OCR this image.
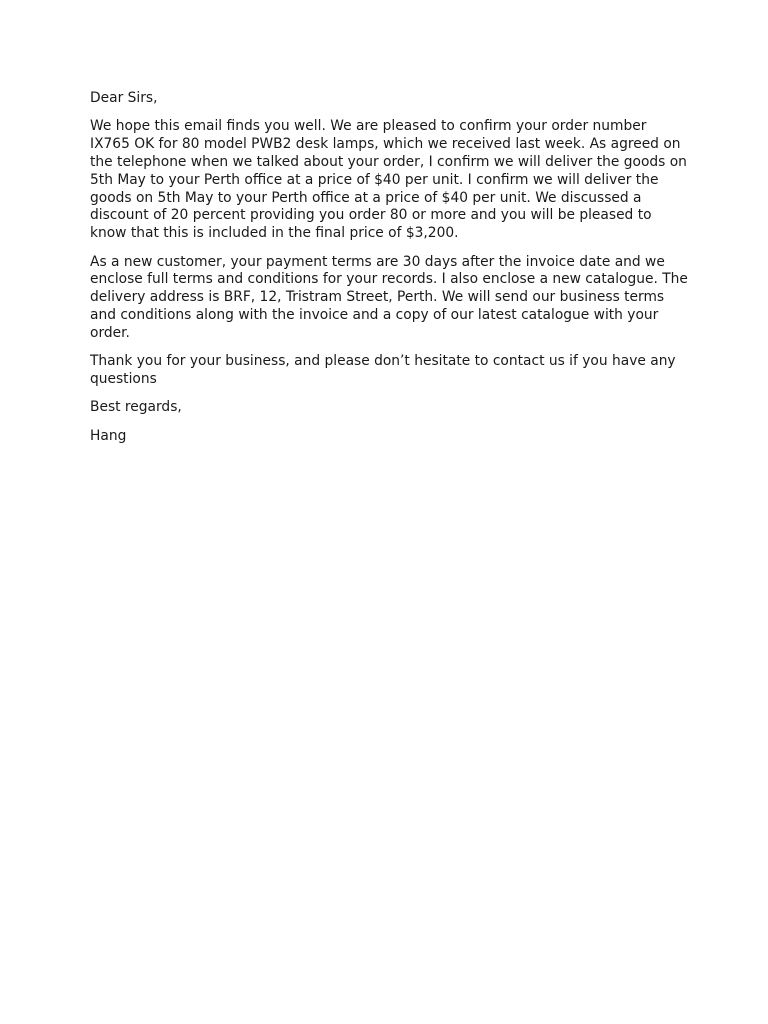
Dear Sirs,

We hope this email finds you well. We are pleased to confirm your order number IX765 OK for 80 model PWB2 desk lamps, which we received last week. As agreed on the telephone when we talked about your order, I confirm we will deliver the goods on 5th May to your Perth office at a price of $40 per unit. I confirm we will deliver the goods on 5th May to your Perth office at a price of $40 per unit. We discussed a discount of 20 percent providing you order 80 or more and you will be pleased to know that this is included in the final price of $3,200.

As a new customer, your payment terms are 30 days after the invoice date and we enclose full terms and conditions for your records. I also enclose a new catalogue. The delivery address is BRF, 12, Tristram Street, Perth. We will send our business terms and conditions along with the invoice and a copy of our latest catalogue with your order.

Thank you for your business, and please don’t hesitate to contact us if you have any questions

Best regards,

Hang
